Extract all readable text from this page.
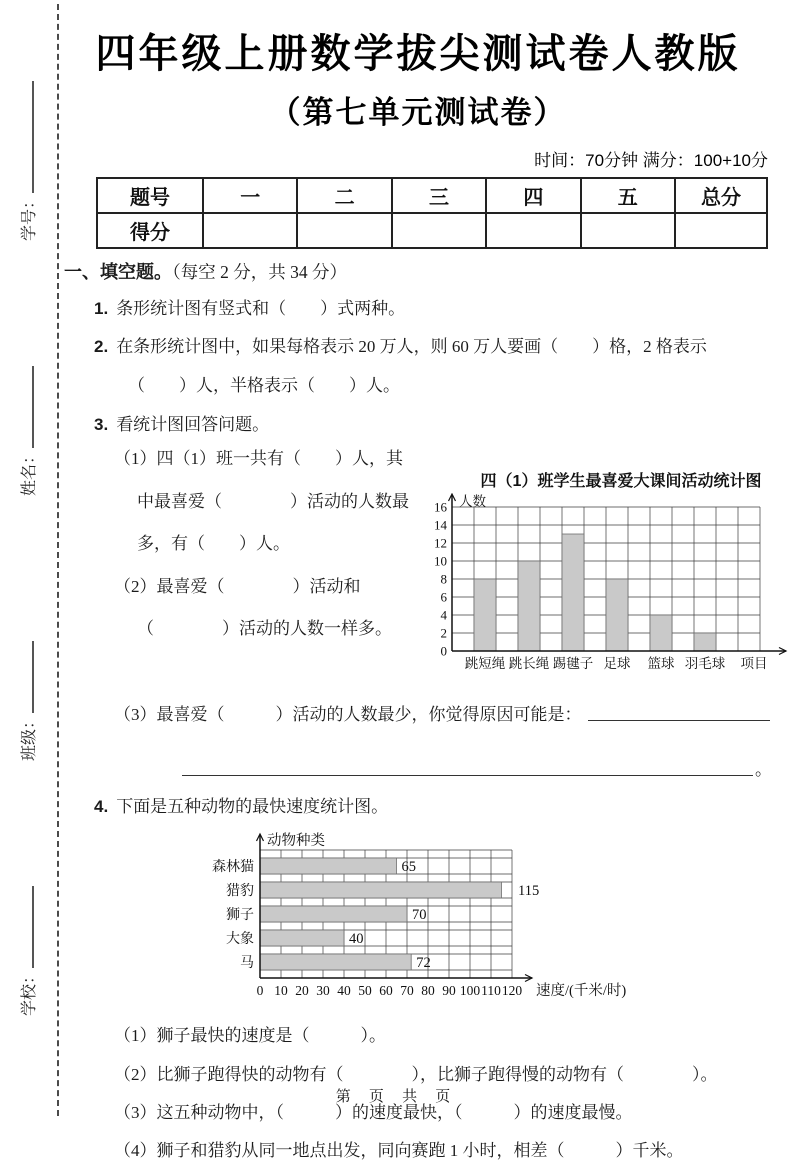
学号：
姓名：
班级：
学校：
四年级上册数学拔尖测试卷人教版
（第七单元测试卷）
时间：70分钟 满分：100+10分
题号	一	二	三	四	五	总分
得分						
一、填空题。（每空 2 分，共 34 分）
1. 条形统计图有竖式和（　　）式两种。
2. 在条形统计图中，如果每格表示 20 万人，则 60 万人要画（　　）格，2 格表示
（　　）人，半格表示（　　）人。
3. 看统计图回答问题。

（1）四（1）班一共有（　　）人，其中最喜爱（　　　　）活动的人数最多，有（　　）人。

（2）最喜爱（　　　　）活动和（　　　　）活动的人数一样多。

四（1）班学生最喜爱大课间活动统计图
0
2
4
6
8
10
12
14
16
跳短绳 跳长绳 踢毽子 足球 篮球 羽毛球
人数
项目
（3）最喜爱（　　　）活动的人数最少，你觉得原因可能是：
。
4. 下面是五种动物的最快速度统计图。
0 10 20 30 40 50 60 70 80 90 100 110 120
森林猫	65
猎豹	115
狮子	70
大象	40
马	72
动物种类
速度/(千米/时)
（1）狮子最快的速度是（　　　）。
（2）比狮子跑得快的动物有（　　　　），比狮子跑得慢的动物有（　　　　）。
（3）这五种动物中，（　　　）的速度最快，（　　　）的速度最慢。
（4）狮子和猎豹从同一地点出发，同向赛跑 1 小时，相差（　　　）千米。
第 页 共 页
